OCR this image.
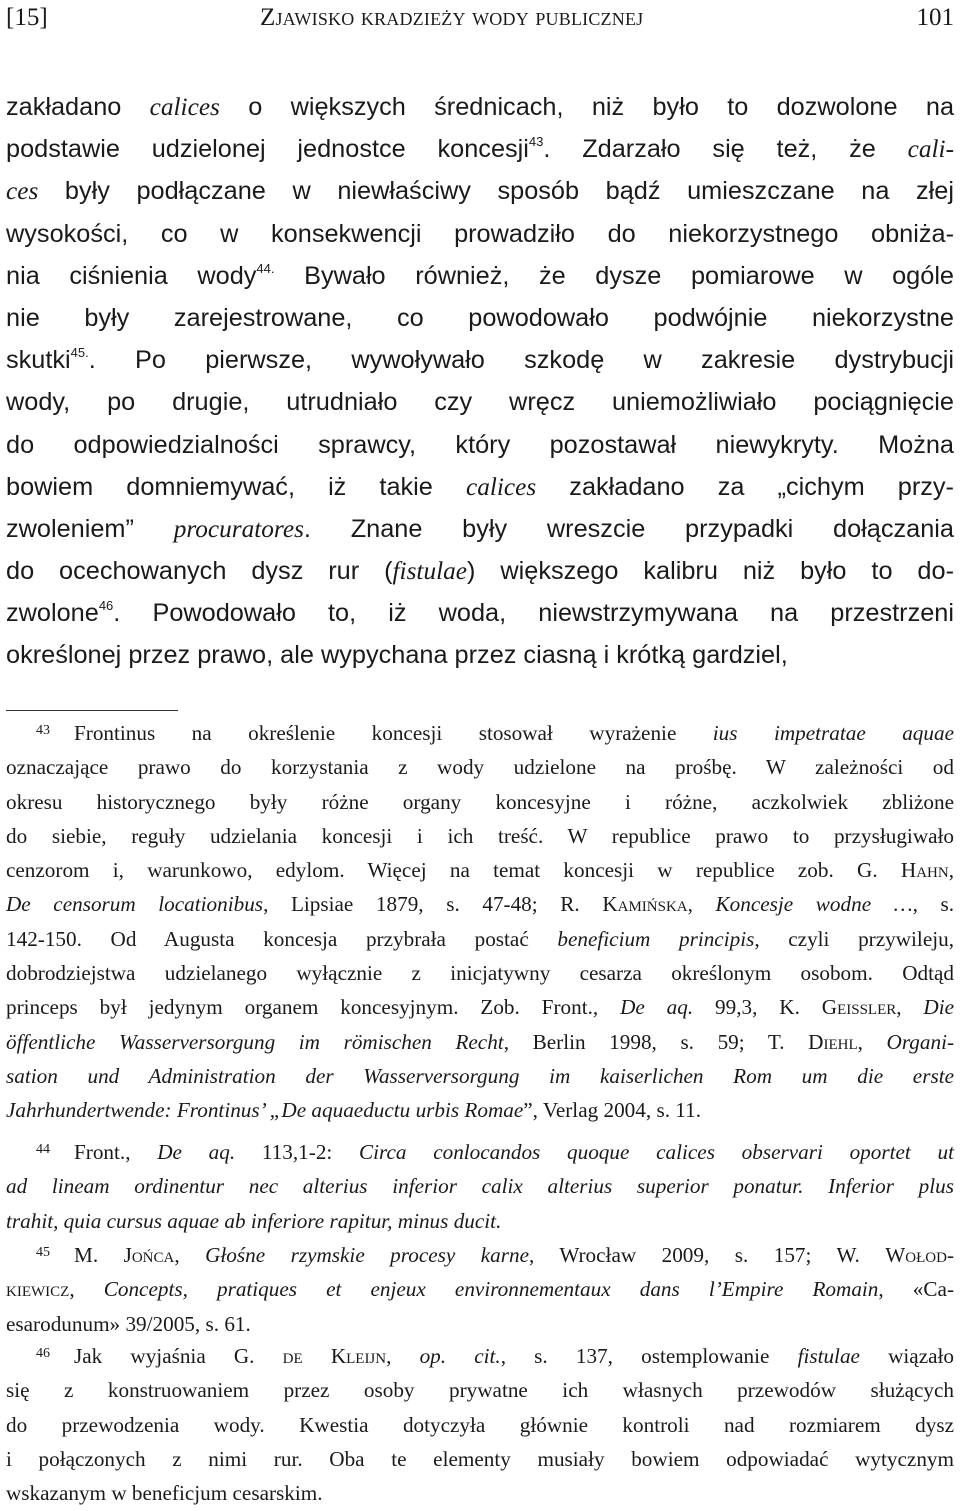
[15]	Zjawisko kradzieży wody publicznej	101
zakładano calices o większych średnicach, niż było to dozwolone na
podstawie udzielonej jednostce koncesji$^{43}$. Zdarzało się też, że cali-
ces były podłączane w niewłaściwy sposób bądź umieszczane na złej
wysokości, co w konsekwencji prowadziło do niekorzystnego obniża-
nia ciśnienia wody$^{44.}$ Bywało również, że dysze pomiarowe w ogóle
nie były zarejestrowane, co powodowało podwójnie niekorzystne
skutki$^{45.}$. Po pierwsze, wywoływało szkodę w zakresie dystrybucji
wody, po drugie, utrudniało czy wręcz uniemożliwiało pociągnięcie
do odpowiedzialności sprawcy, który pozostawał niewykryty. Można
bowiem domniemywać, iż takie calices zakładano za „cichym przy-
zwoleniem” procuratores. Znane były wreszcie przypadki dołączania
do ocechowanych dysz rur (fistulae) większego kalibru niż było to do-
zwolone$^{46}$. Powodowało to, iż woda, niewstrzymywana na przestrzeni
określonej przez prawo, ale wypychana przez ciasną i krótką gardziel,
43 Frontinus na określenie koncesji stosował wyrażenie ius impetratae aquae
oznaczające prawo do korzystania z wody udzielone na prośbę. W zależności od
okresu historycznego były różne organy koncesyjne i różne, aczkolwiek zbliżone
do siebie, reguły udzielania koncesji i ich treść. W republice prawo to przysługiwało
cenzorom i, warunkowo, edylom. Więcej na temat koncesji w republice zob. G. Hahn,
De censorum locationibus, Lipsiae 1879, s. 47-48; R. Kamińska, Koncesje wodne …, s.
142-150. Od Augusta koncesja przybrała postać beneficium principis, czyli przywileju,
dobrodziejstwa udzielanego wyłącznie z inicjatywny cesarza określonym osobom. Odtąd
princeps był jedynym organem koncesyjnym. Zob. Front., De aq. 99,3, K. Geissler, Die
öffentliche Wasserversorgung im römischen Recht, Berlin 1998, s. 59; T. Diehl, Organi-
sation und Administration der Wasserversorgung im kaiserlichen Rom um die erste
Jahrhundertwende: Frontinus’ „De aquaeductu urbis Romae”, Verlag 2004, s. 11.
44 Front., De aq. 113,1-2: Circa conlocandos quoque calices observari oportet ut
ad lineam ordinentur nec alterius inferior calix alterius superior ponatur. Inferior plus
trahit, quia cursus aquae ab inferiore rapitur, minus ducit.
45 M. Jońca, Głośne rzymskie procesy karne, Wrocław 2009, s. 157; W. Wołod-
kiewicz, Concepts, pratiques et enjeux environnementaux dans l’Empire Romain, «Ca-
esarodunum» 39/2005, s. 61.
46 Jak wyjaśnia G. de Kleijn, op. cit., s. 137, ostemplowanie fistulae wiązało
się z konstruowaniem przez osoby prywatne ich własnych przewodów służących
do przewodzenia wody. Kwestia dotyczyła głównie kontroli nad rozmiarem dysz
i połączonych z nimi rur. Oba te elementy musiały bowiem odpowiadać wytycznym
wskazanym w beneficjum cesarskim.
